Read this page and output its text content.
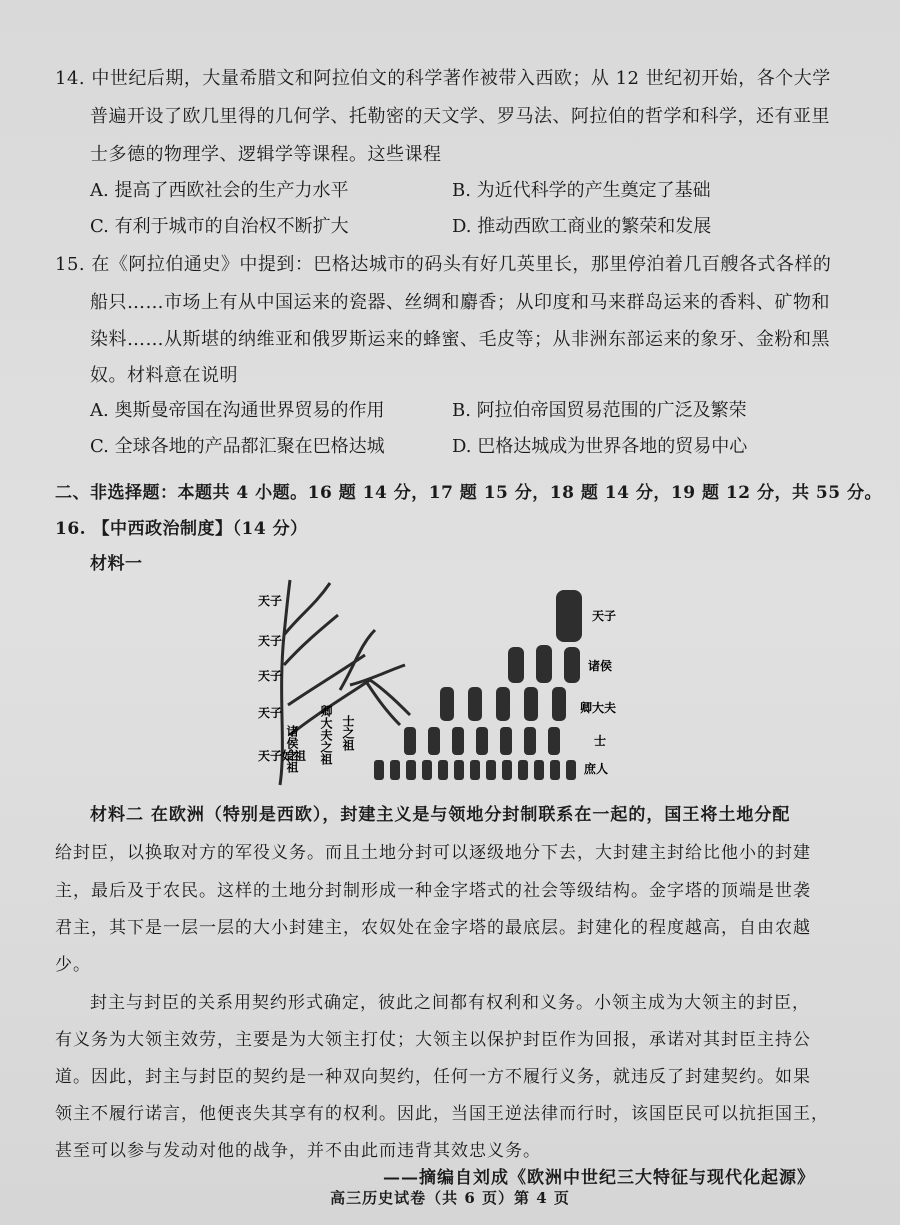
14. 中世纪后期，大量希腊文和阿拉伯文的科学著作被带入西欧；从 12 世纪初开始，各个大学
普遍开设了欧几里得的几何学、托勒密的天文学、罗马法、阿拉伯的哲学和科学，还有亚里
士多德的物理学、逻辑学等课程。这些课程
A. 提高了西欧社会的生产力水平	B. 为近代科学的产生奠定了基础
C. 有利于城市的自治权不断扩大	D. 推动西欧工商业的繁荣和发展
15. 在《阿拉伯通史》中提到：巴格达城市的码头有好几英里长，那里停泊着几百艘各式各样的
船只……市场上有从中国运来的瓷器、丝绸和麝香；从印度和马来群岛运来的香料、矿物和
染料……从斯堪的纳维亚和俄罗斯运来的蜂蜜、毛皮等；从非洲东部运来的象牙、金粉和黑
奴。材料意在说明
A. 奥斯曼帝国在沟通世界贸易的作用	B. 阿拉伯帝国贸易范围的广泛及繁荣
C. 全球各地的产品都汇聚在巴格达城	D. 巴格达城成为世界各地的贸易中心
二、非选择题：本题共 4 小题。16 题 14 分，17 题 15 分，18 题 14 分，19 题 12 分，共 55 分。
16. 【中西政治制度】（14 分）
材料一
天子
天子
天子
天子
天子始祖
诸侯之祖 卿大夫之祖 士之祖
天子
诸侯
卿大夫
士
庶人
材料二 在欧洲（特别是西欧），封建主义是与领地分封制联系在一起的，国王将土地分配
给封臣，以换取对方的军役义务。而且土地分封可以逐级地分下去，大封建主封给比他小的封建
主，最后及于农民。这样的土地分封制形成一种金字塔式的社会等级结构。金字塔的顶端是世袭
君主，其下是一层一层的大小封建主，农奴处在金字塔的最底层。封建化的程度越高，自由农越
少。
封主与封臣的关系用契约形式确定，彼此之间都有权利和义务。小领主成为大领主的封臣，
有义务为大领主效劳，主要是为大领主打仗；大领主以保护封臣作为回报，承诺对其封臣主持公
道。因此，封主与封臣的契约是一种双向契约，任何一方不履行义务，就违反了封建契约。如果
领主不履行诺言，他便丧失其享有的权利。因此，当国王逆法律而行时，该国臣民可以抗拒国王，
甚至可以参与发动对他的战争，并不由此而违背其效忠义务。
——摘编自刘成《欧洲中世纪三大特征与现代化起源》
高三历史试卷（共 6 页）第 4 页
